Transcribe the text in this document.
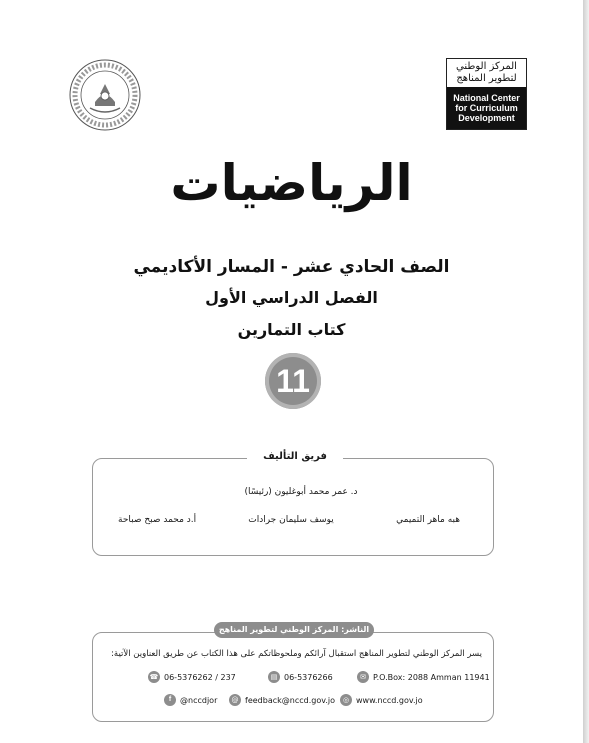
المركز الوطني
لتطوير المناهج
National Center
for Curriculum
Development
الرياضيات
الصف الحادي عشر - المسار الأكاديمي
الفصل الدراسي الأول
كتاب التمارين
11
فريق التأليف
د. عمر محمد أبوغليون (رئيسًا)
هبه ماهر التميمي
يوسف سليمان جرادات
أ.د محمد صبح صباحة
الناشر: المركز الوطني لتطوير المناهج
يسر المركز الوطني لتطوير المناهج استقبال آرائكم وملحوظاتكم على هذا الكتاب عن طريق العناوين الآتية:
☎ 06-5376262 / 237	▤ 06-5376266	✉ P.O.Box: 2088 Amman 11941
f	@nccdjor	@ feedback@nccd.gov.jo	◎ www.nccd.gov.jo
